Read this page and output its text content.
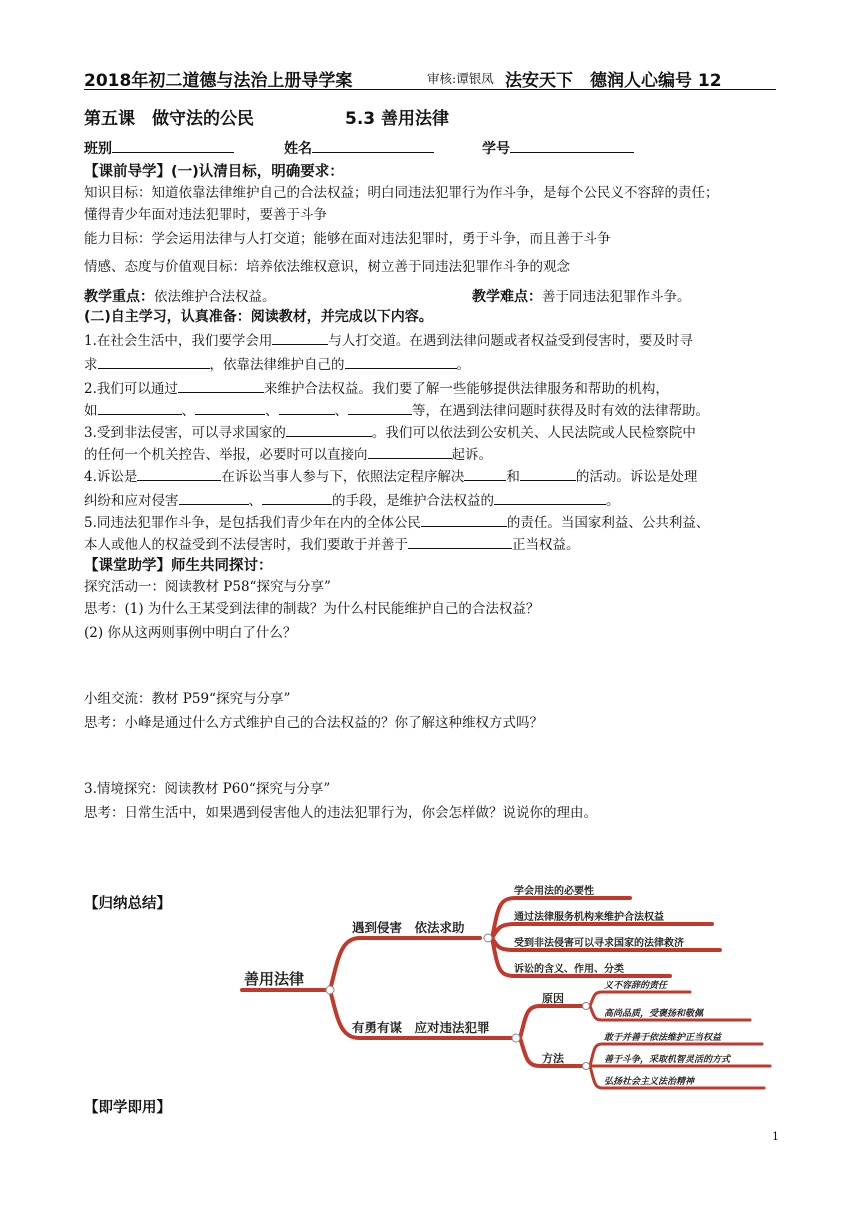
2018年初二道德与法治上册导学案	审核:谭银凤 法安天下　德润人心编号 12
第五课　做守法的公民	5.3 善用法律
班别	姓名	学号
【课前导学】(一)认清目标，明确要求：
知识目标：知道依靠法律维护自己的合法权益；明白同违法犯罪行为作斗争，是每个公民义不容辞的责任；
懂得青少年面对违法犯罪时，要善于斗争
能力目标：学会运用法律与人打交道；能够在面对违法犯罪时，勇于斗争，而且善于斗争
情感、态度与价值观目标：培养依法维权意识，树立善于同违法犯罪作斗争的观念
教学重点：依法维护合法权益。	教学难点：善于同违法犯罪作斗争。
(二)自主学习，认真准备：阅读教材，并完成以下内容。
1.在社会生活中，我们要学会用	与人打交道。在遇到法律问题或者权益受到侵害时，要及时寻
求	，依靠法律维护自己的	。
2.我们可以通过	来维护合法权益。我们要了解一些能够提供法律服务和帮助的机构，
如	、	、	、	等，在遇到法律问题时获得及时有效的法律帮助。
3.受到非法侵害，可以寻求国家的	。我们可以依法到公安机关、人民法院或人民检察院中
的任何一个机关控告、举报，必要时可以直接向	起诉。
4.诉讼是	在诉讼当事人参与下，依照法定程序解决	和	的活动。诉讼是处理
纠纷和应对侵害	、	的手段，是维护合法权益的	。
5.同违法犯罪作斗争，是包括我们青少年在内的全体公民	的责任。当国家利益、公共利益、
本人或他人的权益受到不法侵害时，我们要敢于并善于	正当权益。
【课堂助学】师生共同探讨：
探究活动一：阅读教材 P58“探究与分享”
思考：(1) 为什么王某受到法律的制裁？为什么村民能维护自己的合法权益？
(2) 你从这两则事例中明白了什么？
小组交流：教材 P59“探究与分享”
思考：小峰是通过什么方式维护自己的合法权益的？你了解这种维权方式吗？
3.情境探究：阅读教材 P60“探究与分享”
思考：日常生活中，如果遇到侵害他人的违法犯罪行为，你会怎样做？说说你的理由。
【归纳总结】
善用法律
遇到侵害　依法求助
有勇有谋　应对违法犯罪
学会用法的必要性
通过法律服务机构来维护合法权益
受到非法侵害可以寻求国家的法律救济
诉讼的含义、作用、分类
原因
方法
义不容辞的责任
高尚品质，受褒扬和敬佩
敢于并善于依法维护正当权益
善于斗争，采取机智灵活的方式
弘扬社会主义法治精神
【即学即用】
1
